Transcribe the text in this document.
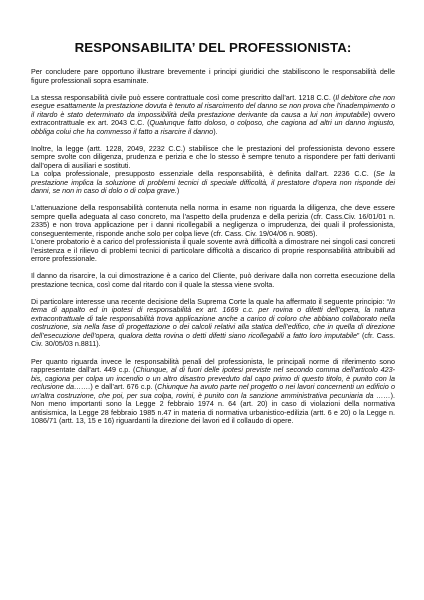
RESPONSABILITA’ DEL PROFESSIONISTA:

Per concludere pare opportuno illustrare brevemente i principi giuridici che stabiliscono le responsabilità delle figure professionali sopra esaminate.

La stessa responsabilità civile può essere contrattuale così come prescritto dall’art. 1218 C.C. (Il debitore che non esegue esattamente la prestazione dovuta è tenuto al risarcimento del danno se non prova che l'inadempimento o il ritardo è stato determinato da impossibilità della prestazione derivante da causa a lui non imputabile) ovvero extracontrattuale ex art. 2043 C.C. (Qualunque fatto doloso, o colposo, che cagiona ad altri un danno ingiusto, obbliga colui che ha commesso il fatto a risarcire il danno).

Inoltre, la legge (artt. 1228, 2049, 2232 C.C.) stabilisce che le prestazioni del professionista devono essere sempre svolte con diligenza, prudenza e perizia e che lo stesso è sempre tenuto a rispondere per fatti derivanti dall’opera di ausiliari e sostituti.

La colpa professionale, presupposto essenziale della responsabilità, è definita dall’art. 2236 C.C. (Se la prestazione implica la soluzione di problemi tecnici di speciale difficoltà, il prestatore d'opera non risponde dei danni, se non in caso di dolo o di colpa grave.)

L’attenuazione della responsabilità contenuta nella norma in esame non riguarda la diligenza, che deve essere sempre quella adeguata al caso concreto, ma l’aspetto della prudenza e della perizia (cfr. Cass.Civ. 16/01/01 n. 2335) e non trova applicazione per i danni ricollegabili a negligenza o imprudenza, dei quali il professionista, conseguentemente, risponde anche solo per colpa lieve (cfr. Cass. Civ. 19/04/06 n. 9085).

L’onere probatorio è a carico del professionista il quale sovente avrà difficoltà a dimostrare nei singoli casi concreti l’esistenza e il rilievo di problemi tecnici di particolare difficoltà a discarico di proprie responsabilità attribuibili ad errore professionale.

Il danno da risarcire, la cui dimostrazione è a carico del Cliente, può derivare dalla non corretta esecuzione della prestazione tecnica, così come dal ritardo con il quale la stessa viene svolta.

Di particolare interesse una recente decisione della Suprema Corte la quale ha affermato il seguente principio: “In tema di appalto ed in ipotesi di responsabilità ex art. 1669 c.c. per rovina o difetti dell’opera, la natura extracontrattuale di tale responsabilità trova applicazione anche a carico di coloro che abbiano collaborato nella costruzione, sia nella fase di progettazione o dei calcoli relativi alla statica dell’edifico, che in quella di direzione dell’esecuzione dell’opera, qualora detta rovina o detti difetti siano ricollegabili a fatto loro imputabile” (cfr. Cass. Civ. 30/05/03 n.8811).

Per quanto riguarda invece le responsabilità penali del professionista, le principali norme di riferimento sono rappresentate dall’art. 449 c.p. (Chiunque, al di fuori delle ipotesi previste nel secondo comma dell'articolo 423-bis, cagiona per colpa un incendio o un altro disastro preveduto dal capo primo di questo titolo, è punito con la reclusione da…….) e dall’art. 676 c.p. (Chiunque ha avuto parte nel progetto o nei lavori concernenti un edificio o un'altra costruzione, che poi, per sua colpa, rovini, è punito con la sanzione amministrativa pecuniaria da ……). Non meno importanti sono la Legge 2 febbraio 1974 n. 64 (art. 20) in caso di violazioni della normativa antisismica, la Legge 28 febbraio 1985 n.47 in materia di normativa urbanistico-edilizia (artt. 6 e 20) o la Legge n. 1086/71 (artt. 13, 15 e 16) riguardanti la direzione dei lavori ed il collaudo di opere.
